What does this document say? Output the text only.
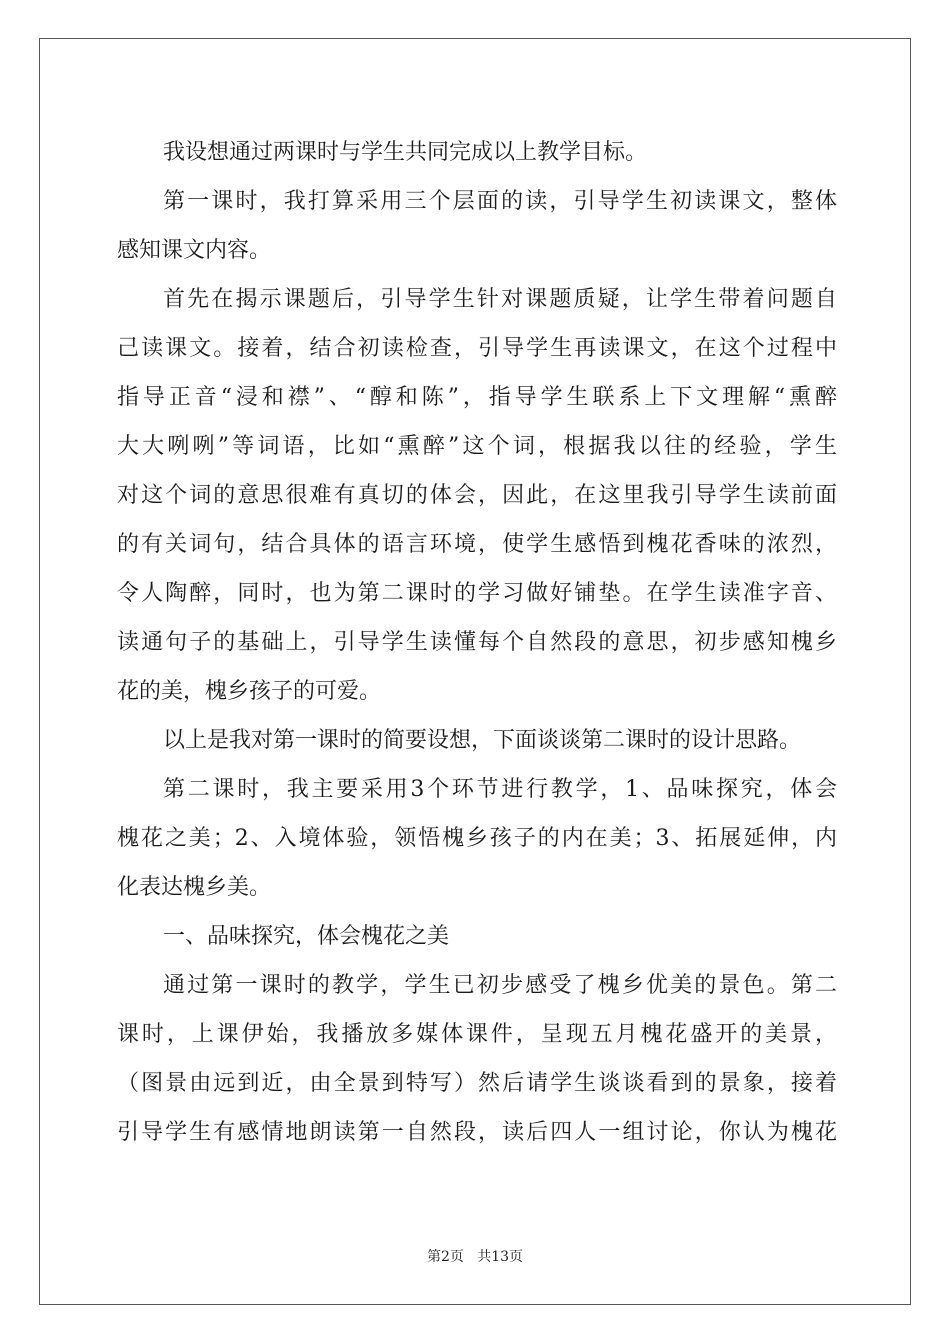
我设想通过两课时与学生共同完成以上教学目标。
第一课时，我打算采用三个层面的读，引导学生初读课文，整体
感知课文内容。
首先在揭示课题后，引导学生针对课题质疑，让学生带着问题自
己读课文。接着，结合初读检查，引导学生再读课文，在这个过程中
指导正音“浸和襟”、“醇和陈”，指导学生联系上下文理解“熏醉
大大咧咧”等词语，比如“熏醉”这个词，根据我以往的经验，学生
对这个词的意思很难有真切的体会，因此，在这里我引导学生读前面
的有关词句，结合具体的语言环境，使学生感悟到槐花香味的浓烈，
令人陶醉，同时，也为第二课时的学习做好铺垫。在学生读准字音、
读通句子的基础上，引导学生读懂每个自然段的意思，初步感知槐乡
花的美，槐乡孩子的可爱。
以上是我对第一课时的简要设想，下面谈谈第二课时的设计思路。
第二课时，我主要采用3个环节进行教学，1、品味探究，体会
槐花之美；2、入境体验，领悟槐乡孩子的内在美；3、拓展延伸，内
化表达槐乡美。
一、品味探究，体会槐花之美
通过第一课时的教学，学生已初步感受了槐乡优美的景色。第二
课时，上课伊始，我播放多媒体课件，呈现五月槐花盛开的美景，
（图景由远到近，由全景到特写）然后请学生谈谈看到的景象，接着
引导学生有感情地朗读第一自然段，读后四人一组讨论，你认为槐花
第2页   共13页
